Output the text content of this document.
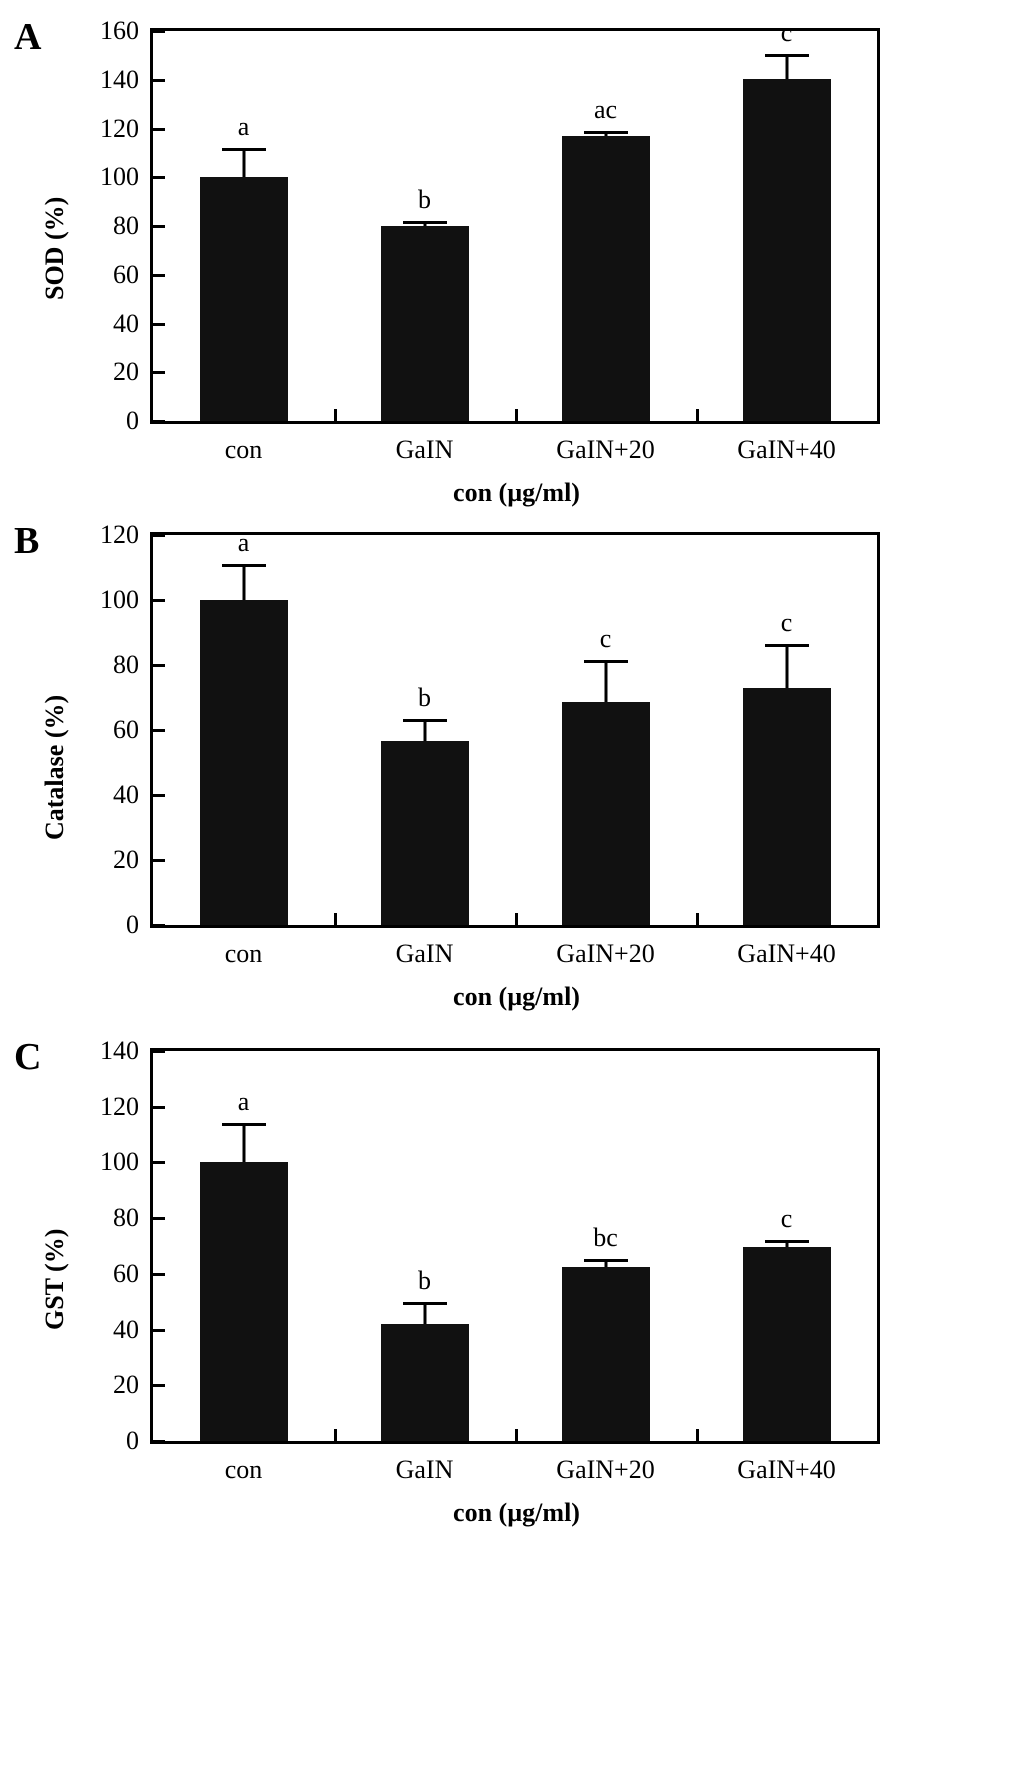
A
SOD (%)
0
20
40
60
80
100
120
140
160
a
con
b
GaIN
ac
GaIN+20
c
GaIN+40
con (µg/ml)
B
Catalase (%)
0
20
40
60
80
100
120	a
con
b
GaIN
c
GaIN+20
c
GaIN+40
con (µg/ml)
C
GST (%)
0
20
40
60
80
100
120
140
a
con
b
GaIN
bc
GaIN+20
c
GaIN+40
con (µg/ml)
